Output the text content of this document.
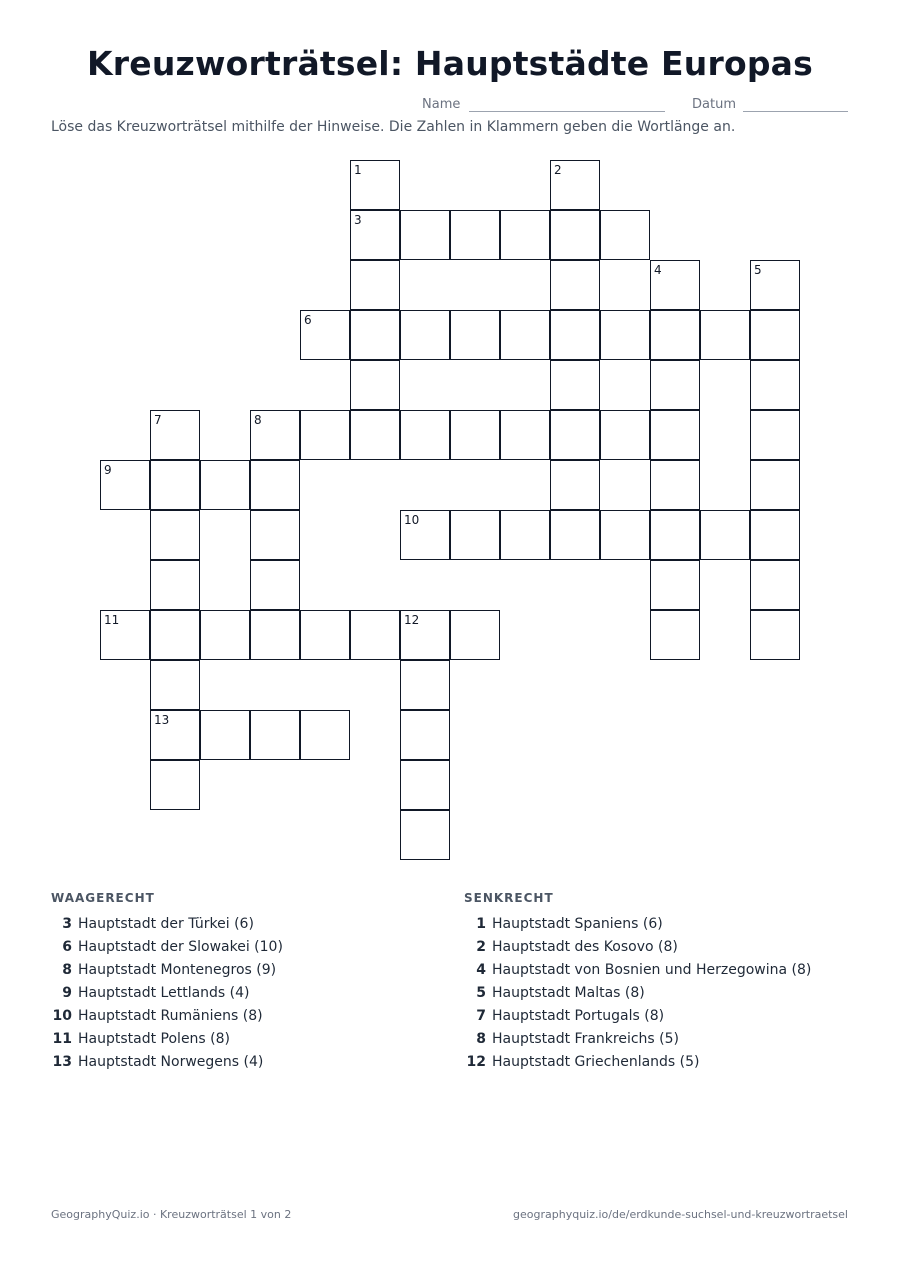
Kreuzworträtsel: Hauptstädte Europas
Name	Datum
Löse das Kreuzworträtsel mithilfe der Hinweise. Die Zahlen in Klammern geben die Wortlänge an.
1
3
2
4	5
6
7
13
8
9
10
11	12
WAAGERECHT	SENKRECHT
3 Hauptstadt der Türkei (6)
6 Hauptstadt der Slowakei (10)
8 Hauptstadt Montenegros (9)
9 Hauptstadt Lettlands (4)
10 Hauptstadt Rumäniens (8)
11 Hauptstadt Polens (8)
13 Hauptstadt Norwegens (4)
1 Hauptstadt Spaniens (6)
2 Hauptstadt des Kosovo (8)
4 Hauptstadt von Bosnien und Herzegowina (8)
5 Hauptstadt Maltas (8)
7 Hauptstadt Portugals (8)
8 Hauptstadt Frankreichs (5)
12 Hauptstadt Griechenlands (5)
GeographyQuiz.io · Kreuzworträtsel 1 von 2	geographyquiz.io/de/erdkunde-suchsel-und-kreuzwortraetsel
